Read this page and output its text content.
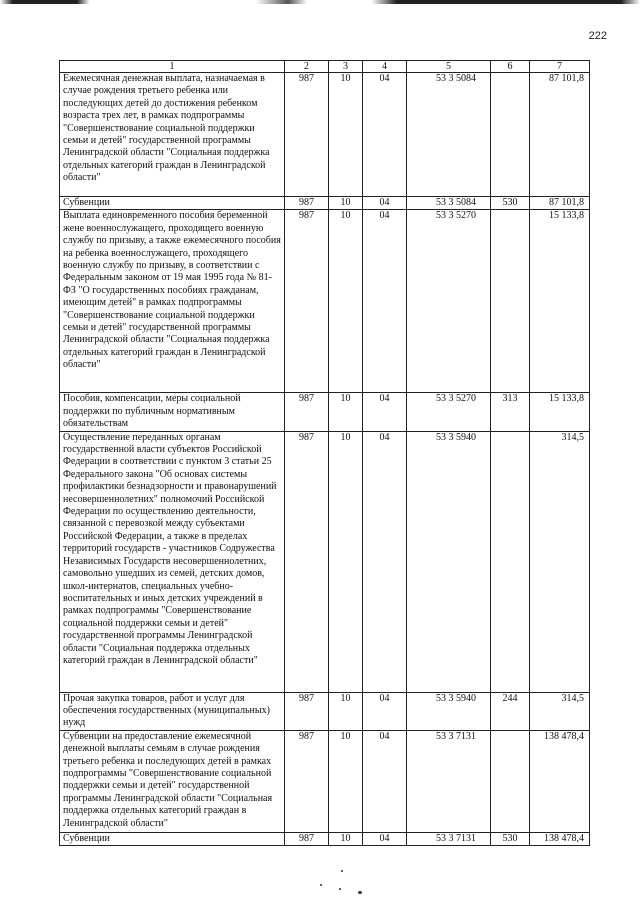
222
1	2	3	4	5	6	7
Ежемесячная денежная выплата, назначаемая в случае рождения третьего ребенка или последующих детей до достижения ребенком возраста трех лет, в рамках подпрограммы "Совершенствование социальной поддержки семьи и детей" государственной программы Ленинградской области "Социальная поддержка отдельных категорий граждан в Ленинградской области"	987	10	04	53 3 5084		87 101,8
Субвенции	987	10	04	53 3 5084	530	87 101,8
Выплата единовременного пособия беременной жене военнослужащего, проходящего военную службу по призыву, а также ежемесячного пособия на ребенка военнослужащего, проходящего военную службу по призыву, в соответствии с Федеральным законом от 19 мая 1995 года № 81-ФЗ "О государственных пособиях гражданам, имеющим детей" в рамках подпрограммы "Совершенствование социальной поддержки семьи и детей" государственной программы Ленинградской области "Социальная поддержка отдельных категорий граждан в Ленинградской области"	987	10	04	53 3 5270		15 133,8
Пособия, компенсации, меры социальной поддержки по публичным нормативным обязательствам	987	10	04	53 3 5270	313	15 133,8
Осуществление переданных органам государственной власти субъектов Российской Федерации в соответствии с пунктом 3 статьи 25 Федерального закона "Об основах системы профилактики безнадзорности и правонарушений несовершеннолетних" полномочий Российской Федерации по осуществлению деятельности, связанной с перевозкой между субъектами Российской Федерации, а также в пределах территорий государств - участников Содружества Независимых Государств несовершеннолетних, самовольно ушедших из семей, детских домов, школ-интернатов, специальных учебно-воспитательных и иных детских учреждений в рамках подпрограммы "Совершенствование социальной поддержки семьи и детей" государственной программы Ленинградской области "Социальная поддержка отдельных категорий граждан в Ленинградской области"	987	10	04	53 3 5940		314,5
Прочая закупка товаров, работ и услуг для обеспечения государственных (муниципальных) нужд	987	10	04	53 3 5940	244	314,5
Субвенции на предоставление ежемесячной денежной выплаты семьям в случае рождения третьего ребенка и последующих детей в рамках подпрограммы "Совершенствование социальной поддержки семьи и детей" государственной программы Ленинградской области "Социальная поддержка отдельных категорий граждан в Ленинградской области"	987	10	04	53 3 7131		138 478,4
Субвенции	987	10	04	53 3 7131	530	138 478,4
